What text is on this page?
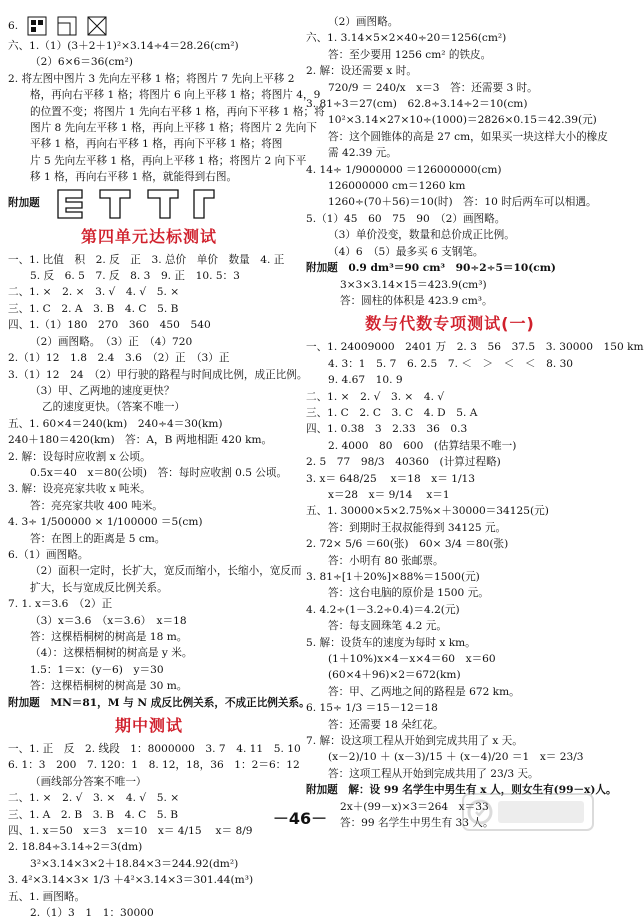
6.
六、1.（1）(3＋2＋1)²×3.14÷4＝28.26(cm²)
（2）6×6＝36(cm²)
2. 将左图中图片 3 先向左平移 1 格；将图片 7 先向上平移 2
格，再向右平移 1 格；将图片 6 向上平移 1 格；将图片 4，9
的位置不变；将图片 1 先向右平移 1 格，再向下平移 1 格；将
图片 8 先向左平移 1 格，再向上平移 1 格；将图片 2 先向下
平移 1 格，再向右平移 1 格，再向下平移 1 格；将图
片 5 先向左平移 1 格，再向上平移 1 格；将图片 2 向下平
移 1 格，再向右平移 1 格，就能得到右图。
附加题
第四单元达标测试
一、1. 比值　积　2. 反　正　3. 总价　单价　数量　4. 正
5. 反　6. 5　7. 反　8. 3　9. 正　10. 5：3
二、1. ×　2. ×　3. √　4. √　5. ×
三、1. C　2. A　3. B　4. C　5. B
四、1.（1）180　270　360　450　540
（2）画图略。　（3）正　（4）720
2.（1）12　1.8　2.4　3.6　（2）正　（3）正
3.（1）12　24　（2）甲行驶的路程与时间成比例，成正比例。
（3）甲、乙两地的速度更快？
乙的速度更快。（答案不唯一）
五、1. 60×4＝240(km)　240÷4＝30(km)
240＋180＝420(km)　答：A，B 两地相距 420 km。
2. 解：设每时应收割 x 公顷。
0.5x＝40　x＝80(公顷)　答：每时应收割 0.5 公顷。
3. 解：设亮亮家共收 x 吨米。
答：亮亮家共收 400 吨米。
4. 3÷ 1/500000 × 1/100000 ＝5(cm)
答：在图上的距离是 5 cm。
6.（1）画图略。
（2）面积一定时，长扩大，宽反而缩小，长缩小，宽反而
扩大，长与宽成反比例关系。
7. 1. x＝3.6　（2）正
（3）x＝3.6　（x＝3.6）　x＝18
答：这棵梧桐树的树高是 18 m。
（4）：这棵梧桐树的树高是 y 米。
1.5：1＝x：(y－6)　y＝30
答：这棵梧桐树的树高是 30 m。
附加题　MN＝81，M 与 N 成反比例关系，不成正比例关系。
期中测试
一、1. 正　反　2. 线段　1：8000000　3. 7　4. 11　5. 10
6. 1：3　200　7. 120：1　8. 12，18，36　1：2＝6：12
（画线部分答案不唯一）
二、1. ×　2. √　3. ×　4. √　5. ×
三、1. A　2. B　3. B　4. C　5. B
四、1. x＝50　x＝3　x＝10　x＝ 4/15 　x＝ 8/9
2. 18.84÷3.14÷2＝3(dm)
3²×3.14×3×2＋18.84×3＝244.92(dm²)
3. 4²×3.14×3× 1/3 ＋4²×3.14×3＝301.44(m³)
五、1. 画图略。
2.（1）3　1　1：30000
（2）画图略。
六、1. 3.14×5×2×40÷20＝1256(cm²)
答：至少要用 1256 cm² 的铁皮。
2. 解：设还需要 x 时。
720/9 ＝ 240/x　x＝3　答：还需要 3 时。
3. 81÷3＝27(cm)　62.8÷3.14÷2＝10(cm)
10²×3.14×27×10÷(1000)＝2826×0.15＝42.39(元)
答：这个圆锥体的高是 27 cm，如果买一块这样大小的橡皮
需 42.39 元。
4. 14÷ 1/9000000 ＝126000000(cm)
126000000 cm＝1260 km
1260÷(70＋56)＝10(时)　答：10 时后两车可以相遇。
5.（1）45　60　75　90　（2）画图略。
（3）单价没变，数量和总价成正比例。
（4）6　（5）最多买 6 支钢笔。
附加题　0.9 dm³＝90 cm³　90÷2÷5＝10(cm)
3×3×3.14×15＝423.9(cm³)
答：圆柱的体积是 423.9 cm³。
数与代数专项测试(一)
一、1. 24009000　2401 万　2. 3　56　37.5　3. 30000　150 km
4. 3：1　5. 7　6. 2.5　7. ＜　＞　＜　＜　8. 30
9. 4.67　10. 9
二、1. ×　2. √　3. ×　4. √
三、1. C　2. C　3. C　4. D　5. A
四、1. 0.38　3　2.33　36　0.3
2. 4000　80　600　(估算结果不唯一)
2. 5　77　98/3　40360　(计算过程略)
3. x＝ 648/25 　x＝18　x＝ 1/13
x＝28　x＝ 9/14 　x＝1
五、1. 30000×5×2.75%×＋30000＝34125(元)
答：到期时王叔叔能得到 34125 元。
2. 72× 5/6 ＝60(张)　60× 3/4 ＝80(张)
答：小明有 80 张邮票。
3. 81÷[1＋20%]×88%＝1500(元)
答：这台电脑的原价是 1500 元。
4. 4.2÷(1－3.2÷0.4)＝4.2(元)
答：每支圆珠笔 4.2 元。
5. 解：设货车的速度为每时 x km。
(1＋10%)x×4－x×4＝60　x＝60
(60×4＋96)×2＝672(km)
答：甲、乙两地之间的路程是 672 km。
6. 15÷ 1/3 ＝15－12＝18
答：还需要 18 朵红花。
7. 解：设这项工程从开始到完成共用了 x 天。
(x－2)/10 ＋ (x－3)/15 ＋ (x－4)/20 ＝1　x＝ 23/3
答：这项工程从开始到完成共用了 23/3 天。
附加题　解：设 99 名学生中男生有 x 人，则女生有(99－x)人。
2x＋(99－x)×3＝264　x＝33
答：99 名学生中男生有 33 人。
－46－
